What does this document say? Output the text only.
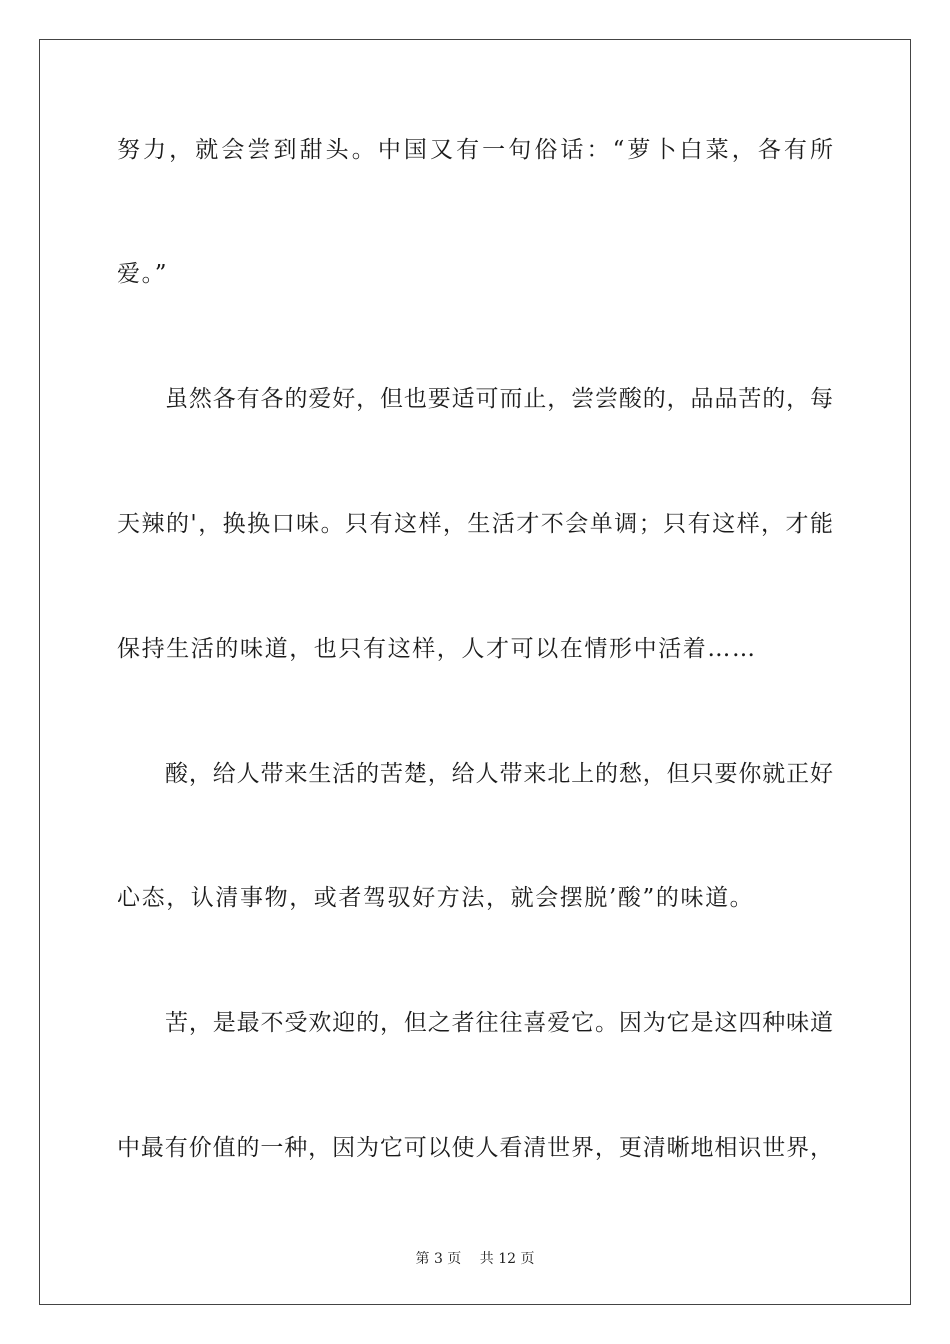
努力，就会尝到甜头。中国又有一句俗话：“萝卜白菜，各有所
爱。”
虽然各有各的爱好，但也要适可而止，尝尝酸的，品品苦的，每
天辣的'，换换口味。只有这样，生活才不会单调；只有这样，才能
保持生活的味道，也只有这样，人才可以在情形中活着……
酸，给人带来生活的苦楚，给人带来北上的愁，但只要你就正好
心态，认清事物，或者驾驭好方法，就会摆脱’酸”的味道。
苦，是最不受欢迎的，但之者往往喜爱它。因为它是这四种味道
中最有价值的一种，因为它可以使人看清世界，更清晰地相识世界，
第 3 页　 共 12 页
